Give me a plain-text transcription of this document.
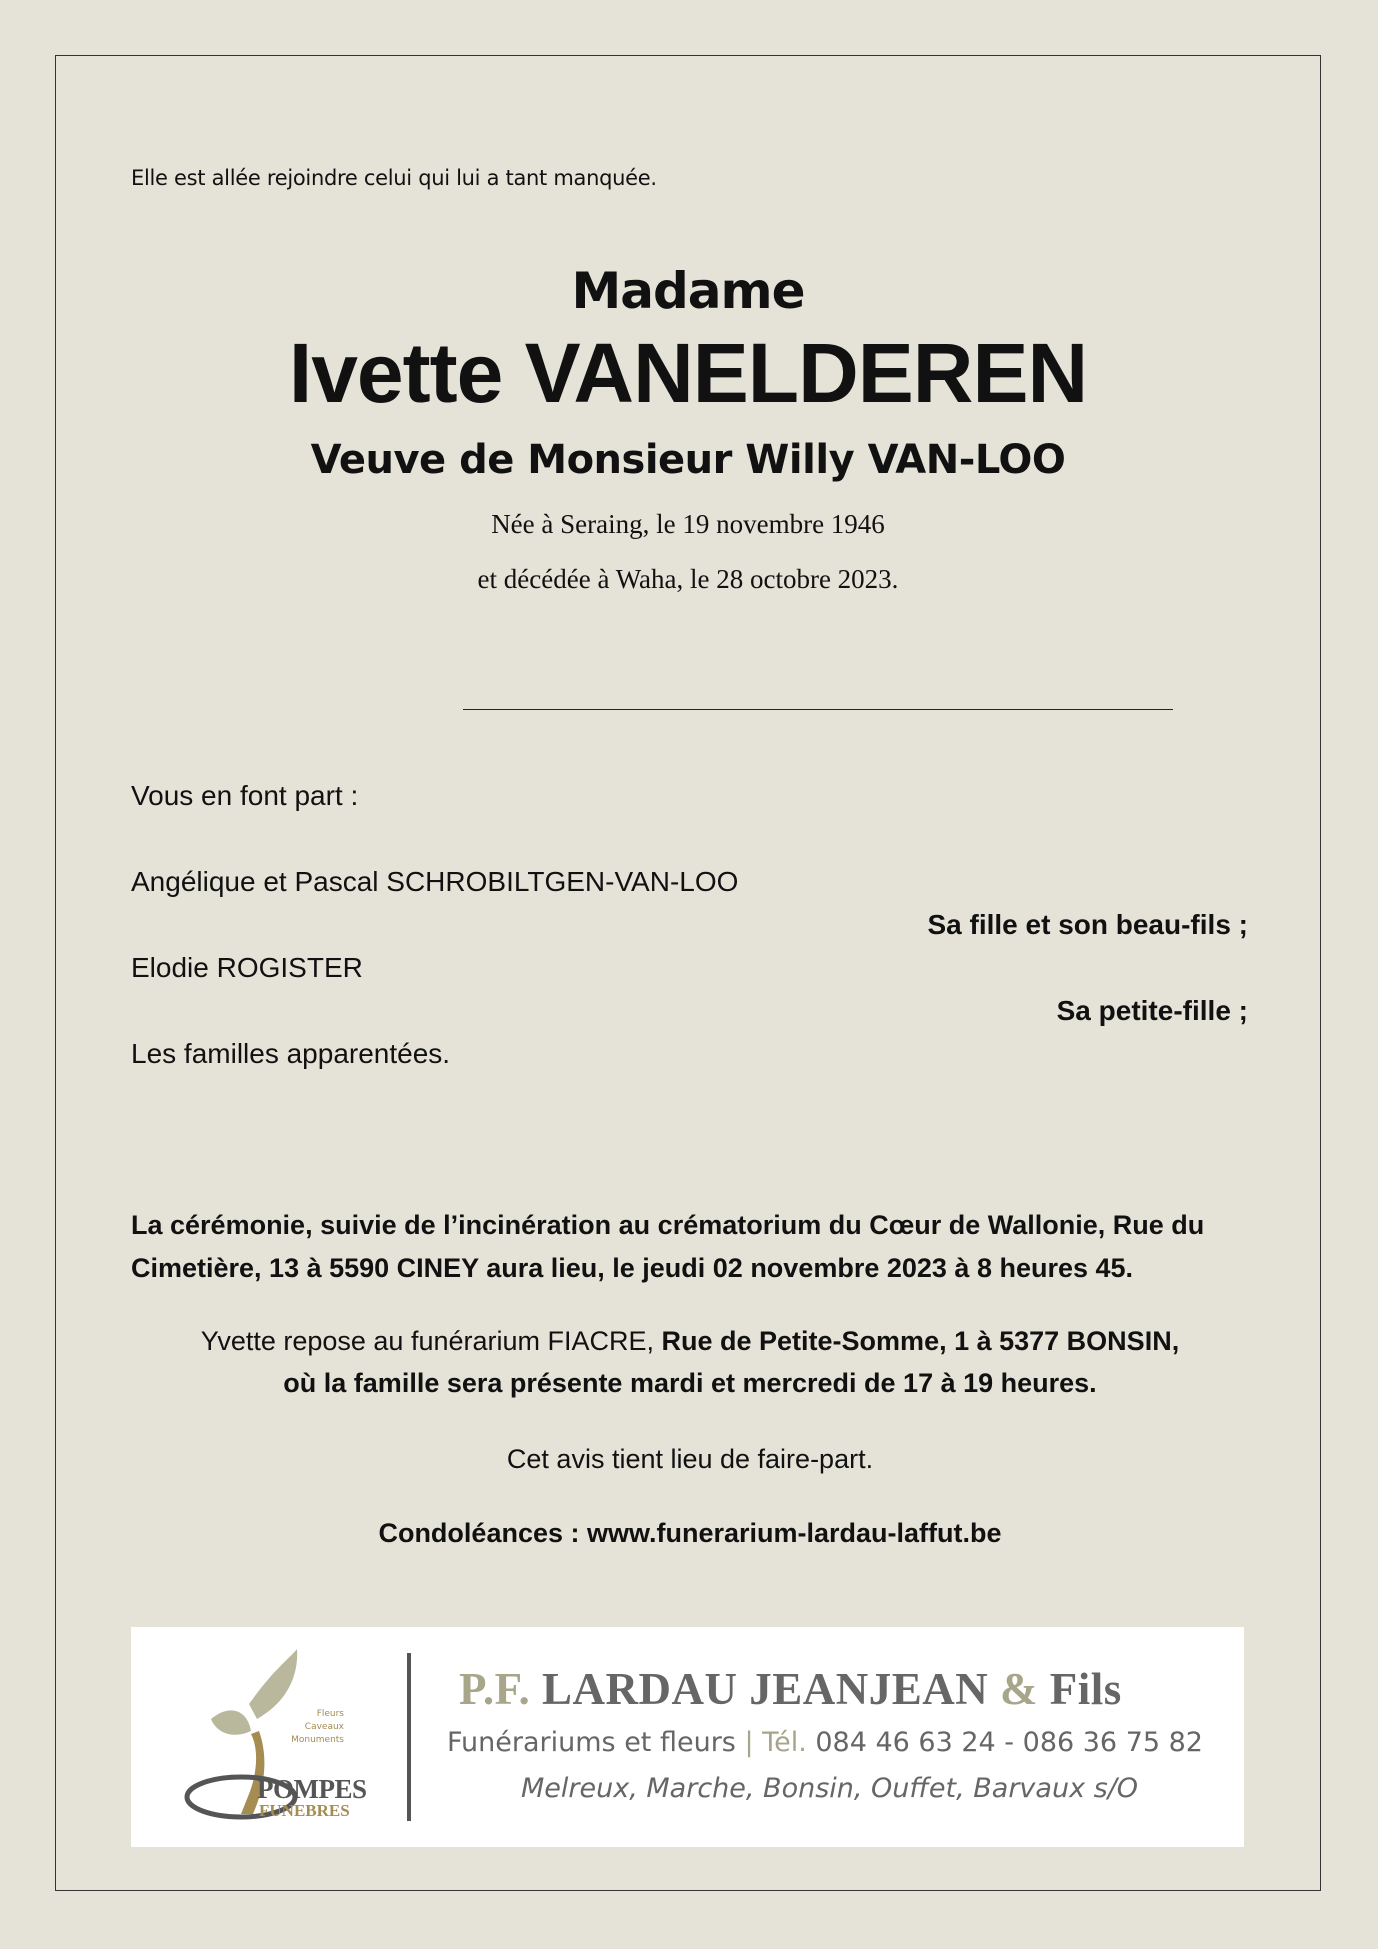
Elle est allée rejoindre celui qui lui a tant manquée.

Madame

Ivette VANELDEREN

Veuve de Monsieur Willy VAN-LOO

Née à Seraing, le 19 novembre 1946

et décédée à Waha, le 28 octobre 2023.

Vous en font part :

Angélique et Pascal SCHROBILTGEN-VAN-LOO

Sa fille et son beau-fils ;

Elodie ROGISTER

Sa petite-fille ;

Les familles apparentées.

La cérémonie, suivie de l’incinération au crématorium du Cœur de Wallonie, Rue du Cimetière, 13 à 5590 CINEY aura lieu, le jeudi 02 novembre 2023 à 8 heures 45.

Yvette repose au funérarium FIACRE, Rue de Petite-Somme, 1 à 5377 BONSIN,
où la famille sera présente mardi et mercredi de 17 à 19 heures.

Cet avis tient lieu de faire-part.

Condoléances : www.funerarium-lardau-laffut.be

Fleurs
Caveaux
Monuments
POMPES
FUNEBRES
P.F. LARDAU JEANJEAN & Fils
Funérariums et fleurs | Tél. 084 46 63 24 - 086 36 75 82
Melreux, Marche, Bonsin, Ouffet, Barvaux s/O
